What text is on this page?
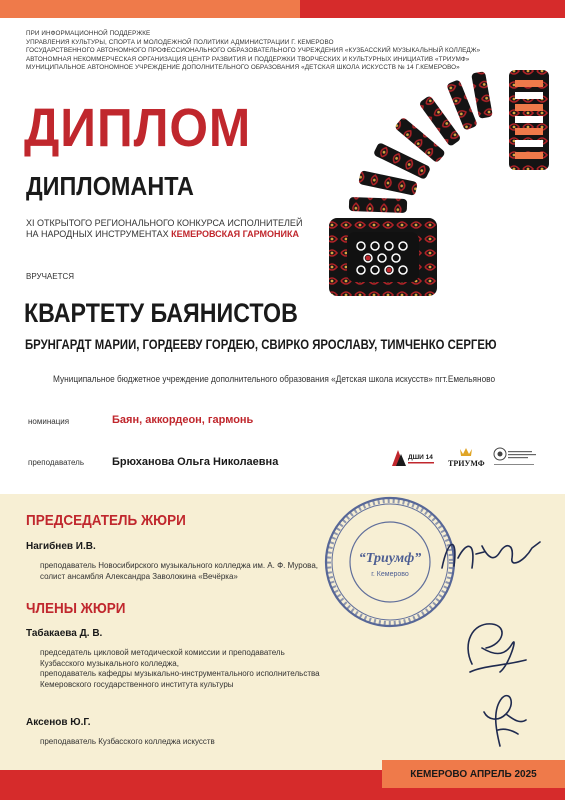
ПРИ ИНФОРМАЦИОННОЙ ПОДДЕРЖКЕ
УПРАВЛЕНИЯ КУЛЬТУРЫ, СПОРТА И МОЛОДЕЖНОЙ ПОЛИТИКИ АДМИНИСТРАЦИИ Г. КЕМЕРОВО
ГОСУДАРСТВЕННОГО АВТОНОМНОГО ПРОФЕССИОНАЛЬНОГО ОБРАЗОВАТЕЛЬНОГО УЧРЕЖДЕНИЯ «КУЗБАССКИЙ МУЗЫКАЛЬНЫЙ КОЛЛЕДЖ»
АВТОНОМНАЯ НЕКОММЕРЧЕСКАЯ ОРГАНИЗАЦИЯ ЦЕНТР РАЗВИТИЯ И ПОДДЕРЖКИ ТВОРЧЕСКИХ И КУЛЬТУРНЫХ ИНИЦИАТИВ «ТРИУМФ»
МУНИЦИПАЛЬНОЕ АВТОНОМНОЕ УЧРЕЖДЕНИЕ ДОПОЛНИТЕЛЬНОГО ОБРАЗОВАНИЯ «ДЕТСКАЯ ШКОЛА ИСКУССТВ № 14 Г.КЕМЕРОВО»
ДИПЛОМ
ДИПЛОМАНТА
XI ОТКРЫТОГО РЕГИОНАЛЬНОГО КОНКУРСА ИСПОЛНИТЕЛЕЙ
НА НАРОДНЫХ ИНСТРУМЕНТАХ КЕМЕРОВСКАЯ ГАРМОНИКА
ВРУЧАЕТСЯ
КВАРТЕТУ БАЯНИСТОВ
БРУНГАРДТ МАРИИ, ГОРДЕЕВУ ГОРДЕЮ, СВИРКО ЯРОСЛАВУ, ТИМЧЕНКО СЕРГЕЮ
Муниципальное бюджетное учреждение дополнительного образования «Детская школа искусств» пгт.Емельяново
номинация	Баян, аккордеон, гармонь
преподаватель	Брюханова Ольга Николаевна	ДШИ 14
ТРИУМФ
ПРЕДСЕДАТЕЛЬ ЖЮРИ
Нагибнев И.В.
преподаватель Новосибирского музыкального колледжа им. А. Ф. Мурова,
солист ансамбля Александра Заволокина «Вечёрка»
ЧЛЕНЫ ЖЮРИ
Табакаева Д. В.
председатель цикловой методической комиссии и преподаватель
Кузбасского музыкального колледжа,
преподаватель кафедры музыкально-инструментального исполнительства
Кемеровского государственного института культуры
Аксенов Ю.Г.
преподаватель Кузбасского колледжа искусств
“Триумф”
г. Кемерово
КЕМЕРОВО АПРЕЛЬ 2025
